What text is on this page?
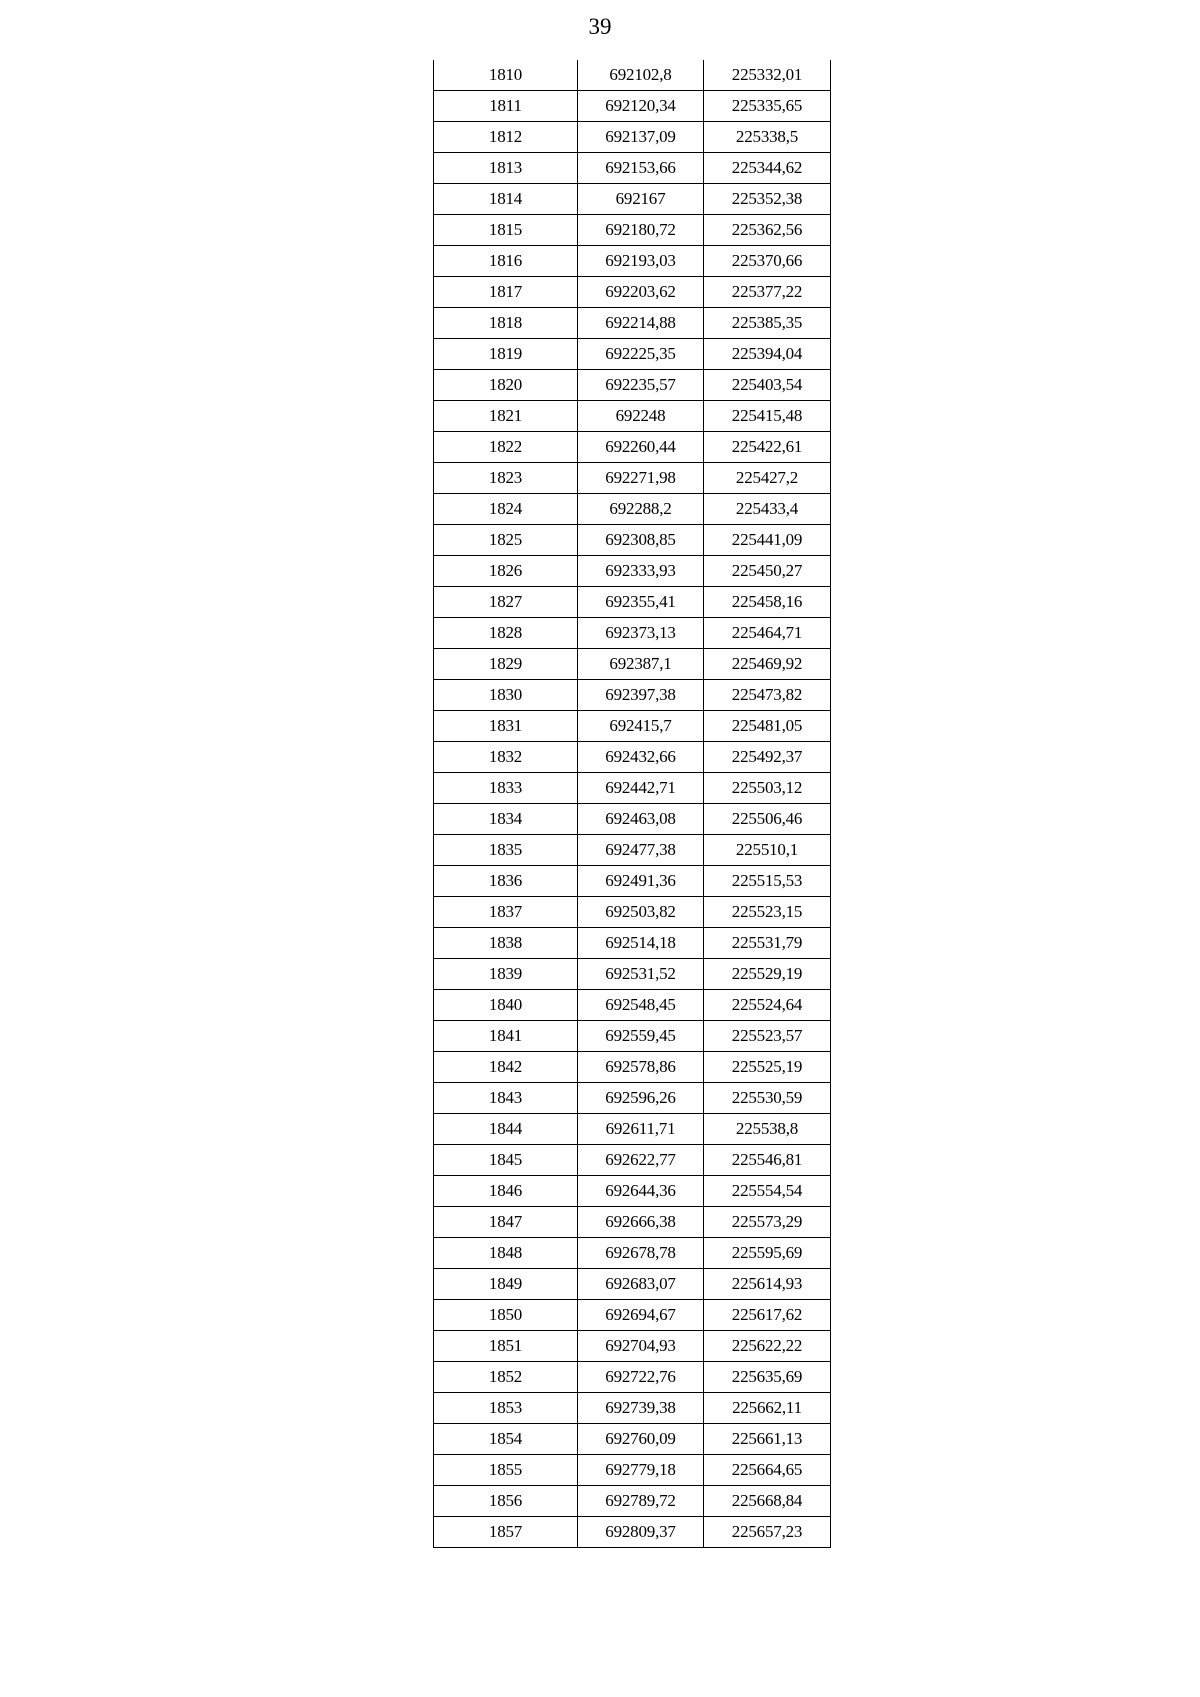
39
1810	692102,8	225332,01
1811	692120,34	225335,65
1812	692137,09	225338,5
1813	692153,66	225344,62
1814	692167	225352,38
1815	692180,72	225362,56
1816	692193,03	225370,66
1817	692203,62	225377,22
1818	692214,88	225385,35
1819	692225,35	225394,04
1820	692235,57	225403,54
1821	692248	225415,48
1822	692260,44	225422,61
1823	692271,98	225427,2
1824	692288,2	225433,4
1825	692308,85	225441,09
1826	692333,93	225450,27
1827	692355,41	225458,16
1828	692373,13	225464,71
1829	692387,1	225469,92
1830	692397,38	225473,82
1831	692415,7	225481,05
1832	692432,66	225492,37
1833	692442,71	225503,12
1834	692463,08	225506,46
1835	692477,38	225510,1
1836	692491,36	225515,53
1837	692503,82	225523,15
1838	692514,18	225531,79
1839	692531,52	225529,19
1840	692548,45	225524,64
1841	692559,45	225523,57
1842	692578,86	225525,19
1843	692596,26	225530,59
1844	692611,71	225538,8
1845	692622,77	225546,81
1846	692644,36	225554,54
1847	692666,38	225573,29
1848	692678,78	225595,69
1849	692683,07	225614,93
1850	692694,67	225617,62
1851	692704,93	225622,22
1852	692722,76	225635,69
1853	692739,38	225662,11
1854	692760,09	225661,13
1855	692779,18	225664,65
1856	692789,72	225668,84
1857	692809,37	225657,23
